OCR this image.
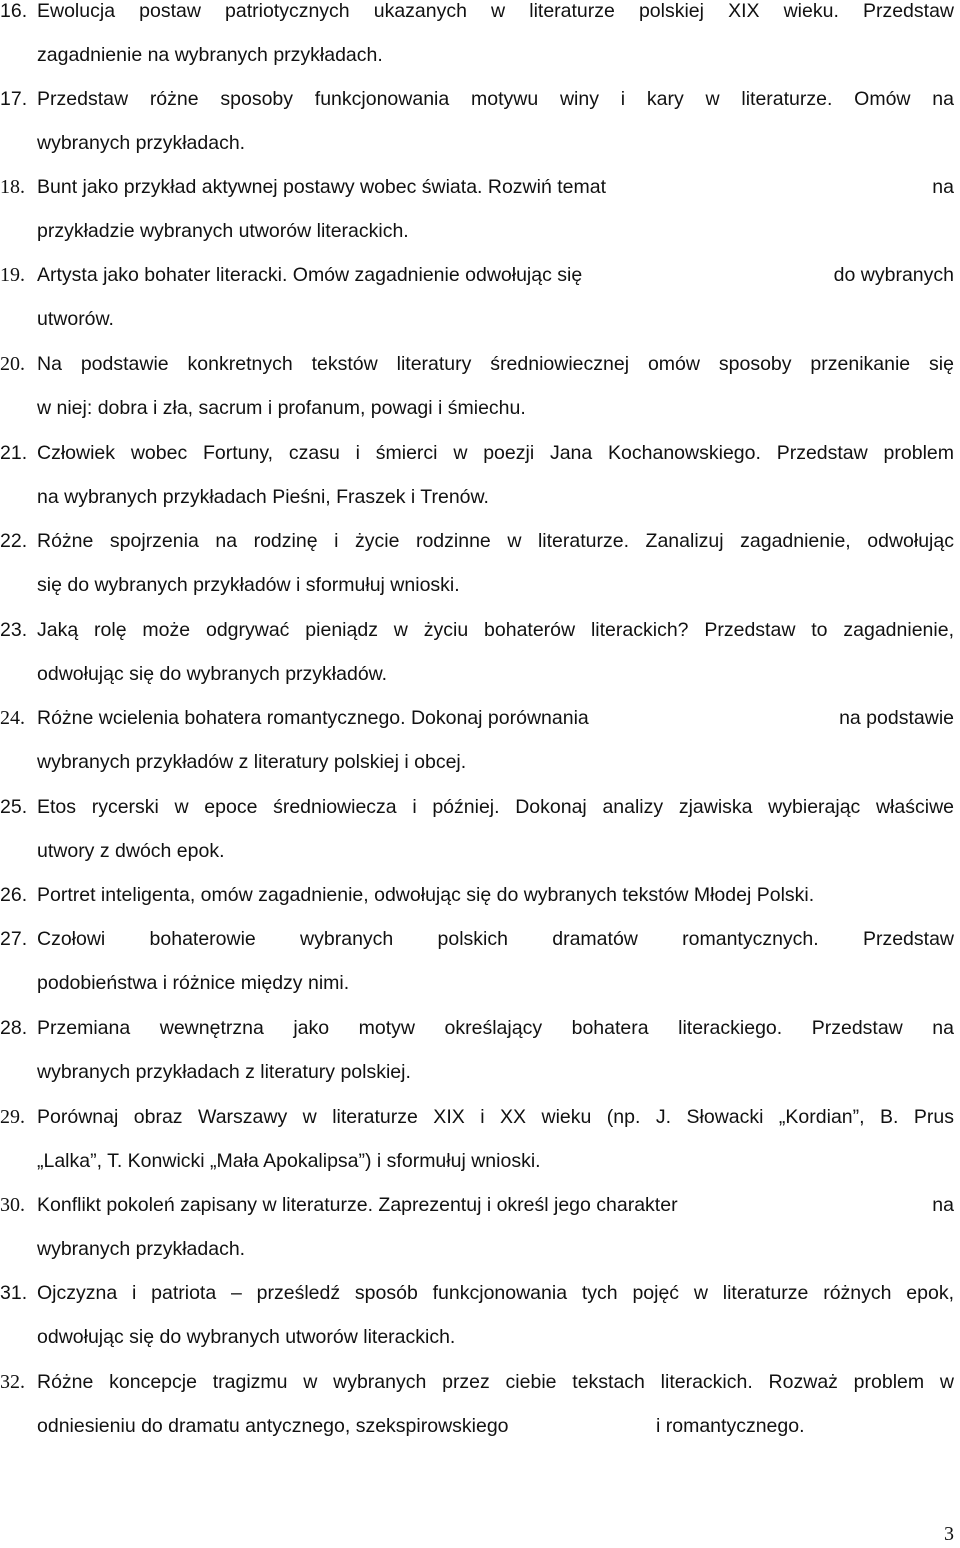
16. Ewolucja postaw patriotycznych ukazanych w literaturze polskiej XIX wieku. Przedstaw
zagadnienie na wybranych przykładach.
17. Przedstaw różne sposoby funkcjonowania motywu winy i kary w literaturze. Omów na
wybranych przykładach.
18. Bunt jako przykład aktywnej postawy wobec świata. Rozwiń temat	na
przykładzie wybranych utworów literackich.
19. Artysta jako bohater literacki. Omów zagadnienie odwołując się	do wybranych
utworów.
20. Na podstawie konkretnych tekstów literatury średniowiecznej omów sposoby przenikanie się
w niej: dobra i zła, sacrum i profanum, powagi i śmiechu.
21. Człowiek wobec Fortuny, czasu i śmierci w poezji Jana Kochanowskiego. Przedstaw problem
na wybranych przykładach Pieśni, Fraszek i Trenów.
22. Różne spojrzenia na rodzinę i życie rodzinne w literaturze. Zanalizuj zagadnienie, odwołując
się do wybranych przykładów i sformułuj wnioski.
23. Jaką rolę może odgrywać pieniądz w życiu bohaterów literackich? Przedstaw to zagadnienie,
odwołując się do wybranych przykładów.
24. Różne wcielenia bohatera romantycznego. Dokonaj porównania	na podstawie
wybranych przykładów z literatury polskiej i obcej.
25. Etos rycerski w epoce średniowiecza i później. Dokonaj analizy zjawiska wybierając właściwe
utwory z dwóch epok.
26. Portret inteligenta, omów zagadnienie, odwołując się do wybranych tekstów Młodej Polski.
27. Czołowi bohaterowie wybranych polskich dramatów romantycznych. Przedstaw
podobieństwa i różnice między nimi.
28. Przemiana wewnętrzna jako motyw określający bohatera literackiego. Przedstaw na
wybranych przykładach z literatury polskiej.
29. Porównaj obraz Warszawy w literaturze XIX i XX wieku (np. J. Słowacki „Kordian”, B. Prus
„Lalka”, T. Konwicki „Mała Apokalipsa”) i sformułuj wnioski.
30. Konflikt pokoleń zapisany w literaturze. Zaprezentuj i określ jego charakter	na
wybranych przykładach.
31. Ojczyzna i patriota – prześledź sposób funkcjonowania tych pojęć w literaturze różnych epok,
odwołując się do wybranych utworów literackich.
32. Różne koncepcje tragizmu w wybranych przez ciebie tekstach literackich. Rozważ problem w
odniesieniu do dramatu antycznego, szekspirowskiego	i romantycznego.
3
